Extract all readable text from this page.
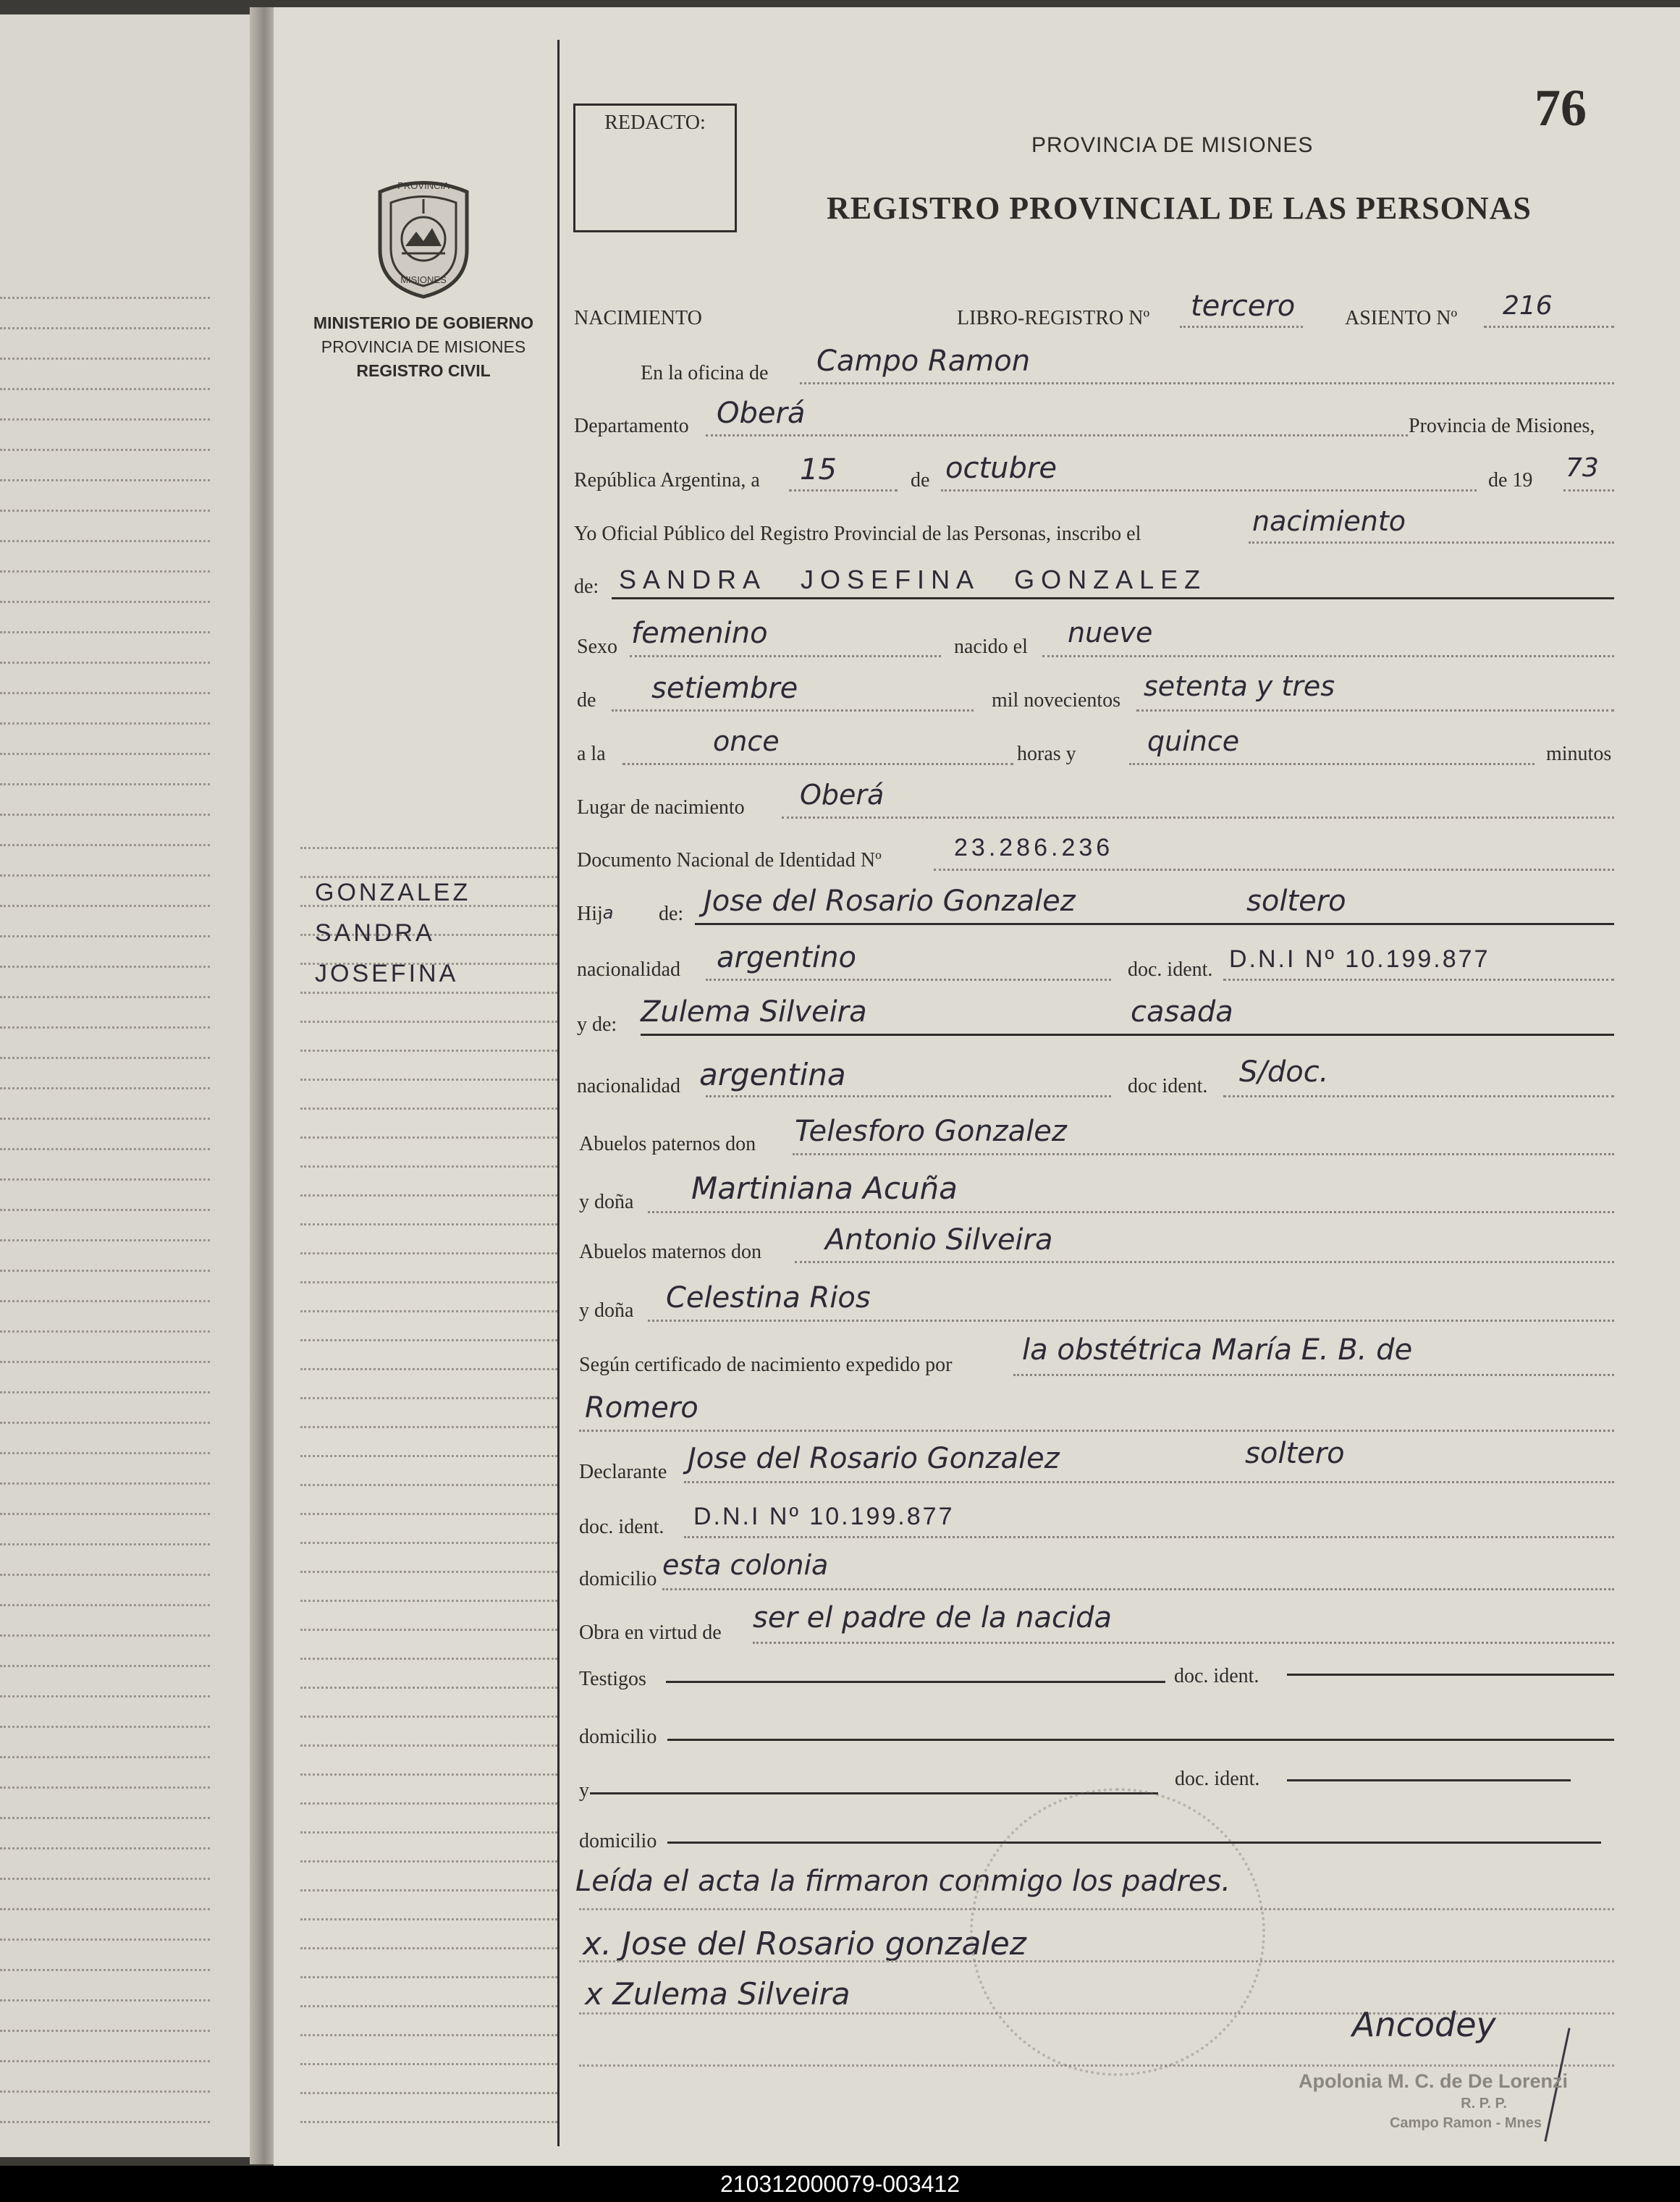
76
REDACTO:
PROVINCIA DE MISIONES
REGISTRO PROVINCIAL DE LAS PERSONAS
PROVINCIA
MISIONES
MINISTERIO DE GOBIERNO
PROVINCIA DE MISIONES
REGISTRO CIVIL
GONZALEZ
SANDRA
JOSEFINA
NACIMIENTO	LIBRO-REGISTRO Nº tercero ASIENTO Nº 216
En la oficina de Campo Ramon
Departamento Oberá	Provincia de Misiones,
República Argentina, a 15	de octubre	de 19 73
Yo Oficial Público del Registro Provincial de las Personas, inscribo el	nacimiento
de: SANDRA JOSEFINA GONZALEZ
Sexo femenino	nacido el nueve
de setiembre	mil novecientos setenta y tres
a la	once	horas y	quince	minutos
Lugar de nacimiento Oberá
Documento Nacional de Identidad Nº	23.286.236
Hija de: Jose del Rosario Gonzalez	soltero
nacionalidad argentino	doc. ident. D.N.I Nº 10.199.877
y de: Zulema Silveira	casada
nacionalidad argentina	doc ident. S/doc.
Abuelos paternos don Telesforo Gonzalez
y doña Martiniana Acuña
Abuelos maternos don Antonio Silveira
y doña Celestina Rios
Según certificado de nacimiento expedido por la obstétrica María E. B. de
Romero
Declarante Jose del Rosario Gonzalez	soltero
doc. ident. D.N.I Nº 10.199.877
domicilio esta colonia
Obra en virtud de ser el padre de la nacida
Testigos	doc. ident.
domicilio
y
doc. ident.
domicilio
Leída el acta la firmaron conmigo los padres.
x. Jose del Rosario gonzalez
x Zulema Silveira
Ancodey
Apolonia M. C. de De Lorenzi
R. P. P.
Campo Ramon - Mnes
210312000079-003412
